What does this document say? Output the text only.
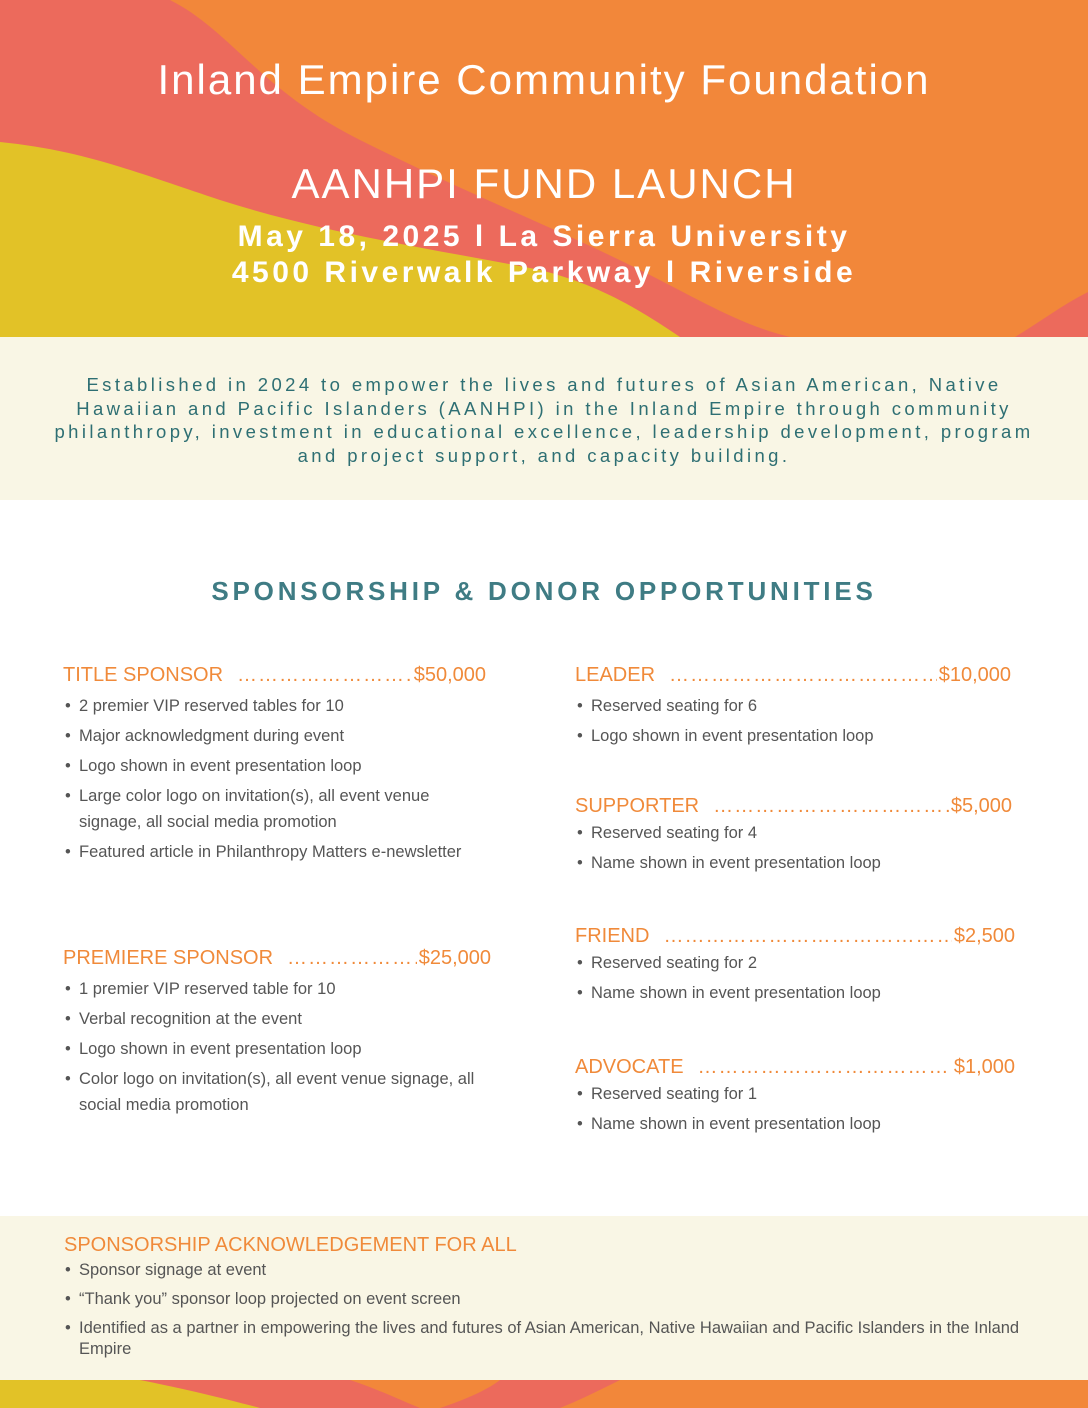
Inland Empire Community Foundation
AANHPI FUND LAUNCH
May 18, 2025 l La Sierra University
4500 Riverwalk Parkway l Riverside

Established in 2024 to empower the lives and futures of Asian American, Native Hawaiian and Pacific Islanders (AANHPI) in the Inland Empire through community philanthropy, investment in educational excellence, leadership development, program and project support, and capacity building.

SPONSORSHIP & DONOR OPPORTUNITIES
TITLE SPONSOR ……………………………………………………………………………………	$50,000
• 2 premier VIP reserved tables for 10
• Major acknowledgment during event
• Logo shown in event presentation loop
• Large color logo on invitation(s), all event venue signage, all social media promotion
• Featured article in Philanthropy Matters e-newsletter
PREMIERE SPONSOR ……………………………………………………………………………………	$25,000
• 1 premier VIP reserved table for 10
• Verbal recognition at the event
• Logo shown in event presentation loop
• Color logo on invitation(s), all event venue signage, all social media promotion
LEADER ……………………………………………………………………………………	$10,000
• Reserved seating for 6
• Logo shown in event presentation loop
SUPPORTER ……………………………………………………………………………………	$5,000
• Reserved seating for 4
• Name shown in event presentation loop
FRIEND ……………………………………………………………………………………	$2,500
• Reserved seating for 2
• Name shown in event presentation loop
ADVOCATE ……………………………………………………………………………………	$1,000
• Reserved seating for 1
• Name shown in event presentation loop
SPONSORSHIP ACKNOWLEDGEMENT FOR ALL
• Sponsor signage at event
• “Thank you” sponsor loop projected on event screen
• Identified as a partner in empowering the lives and futures of Asian American, Native Hawaiian and Pacific Islanders in the Inland Empire
